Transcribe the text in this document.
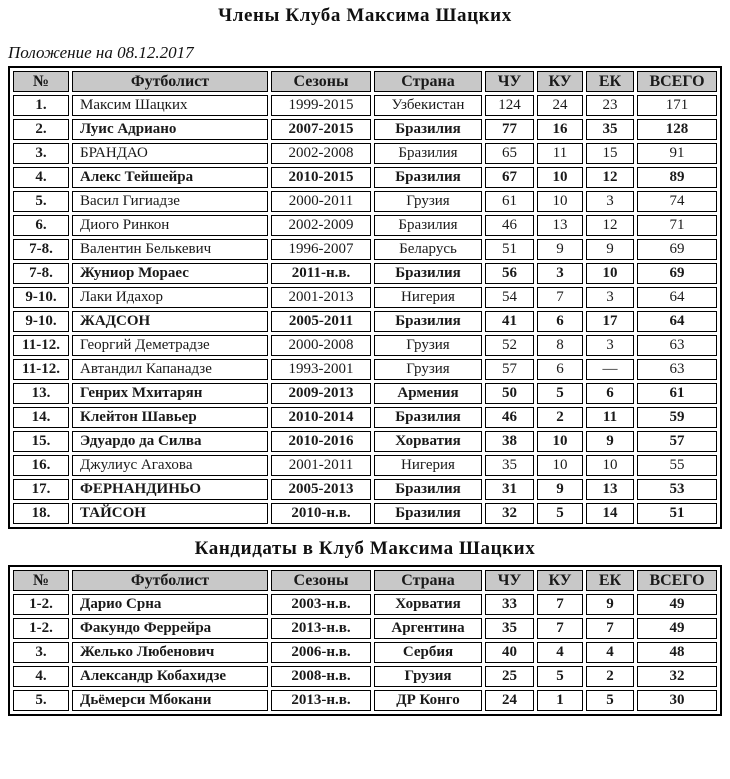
Члены Клуба Максима Шацких
Положение на 08.12.2017
№	Футболист	Сезоны	Страна	ЧУ	КУ	ЕК	ВСЕГО
1.	Максим Шацких	1999-2015	Узбекистан	124	24	23	171
2.	Луис Адриано	2007-2015	Бразилия	77	16	35	128
3.	БРАНДАО	2002-2008	Бразилия	65	11	15	91
4.	Алекс Тейшейра	2010-2015	Бразилия	67	10	12	89
5.	Васил Гигиадзе	2000-2011	Грузия	61	10	3	74
6.	Диого Ринкон	2002-2009	Бразилия	46	13	12	71
7-8.	Валентин Белькевич	1996-2007	Беларусь	51	9	9	69
7-8.	Жуниор Мораес	2011-н.в.	Бразилия	56	3	10	69
9-10.	Лаки Идахор	2001-2013	Нигерия	54	7	3	64
9-10.	ЖАДСОН	2005-2011	Бразилия	41	6	17	64
11-12.	Георгий Деметрадзе	2000-2008	Грузия	52	8	3	63
11-12.	Автандил Капанадзе	1993-2001	Грузия	57	6	—	63
13.	Генрих Мхитарян	2009-2013	Армения	50	5	6	61
14.	Клейтон Шавьер	2010-2014	Бразилия	46	2	11	59
15.	Эдуардо да Силва	2010-2016	Хорватия	38	10	9	57
16.	Джулиус Агахова	2001-2011	Нигерия	35	10	10	55
17.	ФЕРНАНДИНЬО	2005-2013	Бразилия	31	9	13	53
18.	ТАЙСОН	2010-н.в.	Бразилия	32	5	14	51
Кандидаты в Клуб Максима Шацких
№	Футболист	Сезоны	Страна	ЧУ	КУ	ЕК	ВСЕГО
1-2.	Дарио Срна	2003-н.в.	Хорватия	33	7	9	49
1-2.	Факундо Феррейра	2013-н.в.	Аргентина	35	7	7	49
3.	Желько Любенович	2006-н.в.	Сербия	40	4	4	48
4.	Александр Кобахидзе	2008-н.в.	Грузия	25	5	2	32
5.	Дьёмерси Мбокани	2013-н.в.	ДР Конго	24	1	5	30
